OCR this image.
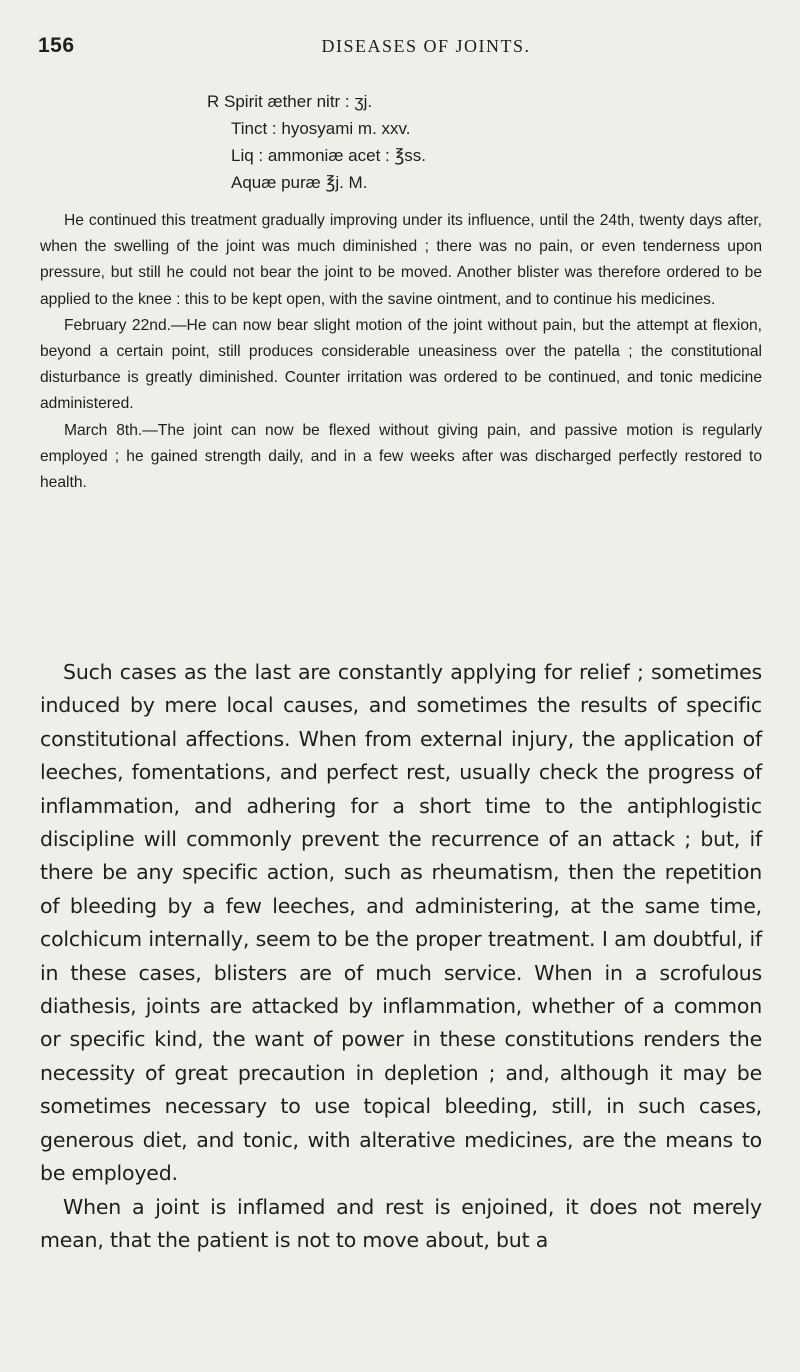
156	DISEASES OF JOINTS.
R Spirit æther nitr : ʒj.
Tinct : hyosyami m. xxv.
Liq : ammoniæ acet : ℥ss.
Aquæ puræ ℥j. M.

He continued this treatment gradually improving under its influence, until the 24th, twenty days after, when the swelling of the joint was much diminished ; there was no pain, or even tenderness upon pressure, but still he could not bear the joint to be moved. Another blister was therefore ordered to be applied to the knee : this to be kept open, with the savine ointment, and to continue his medicines.

February 22nd.—He can now bear slight motion of the joint without pain, but the attempt at flexion, beyond a certain point, still produces considerable uneasiness over the patella ; the constitutional disturbance is greatly diminished. Counter irritation was ordered to be continued, and tonic medicine administered.

March 8th.—The joint can now be flexed without giving pain, and passive motion is regularly employed ; he gained strength daily, and in a few weeks after was discharged perfectly restored to health.

Such cases as the last are constantly applying for relief ; sometimes induced by mere local causes, and sometimes the results of specific constitutional affections. When from external injury, the application of leeches, fomentations, and perfect rest, usually check the progress of inflammation, and adhering for a short time to the antiphlogistic discipline will commonly prevent the recurrence of an attack ; but, if there be any specific action, such as rheumatism, then the repetition of bleeding by a few leeches, and administering, at the same time, colchicum internally, seem to be the proper treatment. I am doubtful, if in these cases, blisters are of much service. When in a scrofulous diathesis, joints are attacked by inflammation, whether of a common or specific kind, the want of power in these constitutions renders the necessity of great precaution in depletion ; and, although it may be sometimes necessary to use topical bleeding, still, in such cases, generous diet, and tonic, with alterative medicines, are the means to be employed.

When a joint is inflamed and rest is enjoined, it does not merely mean, that the patient is not to move about, but a
